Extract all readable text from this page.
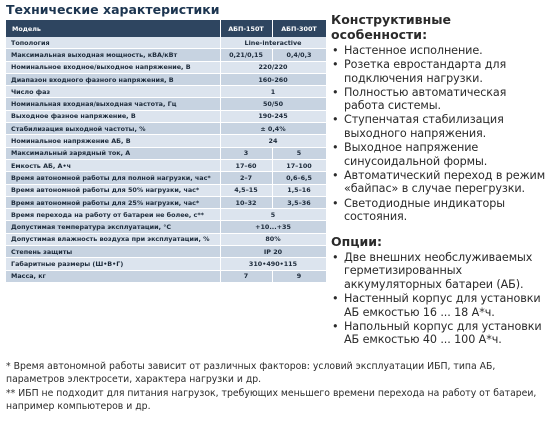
Технические характеристики
Модель	АБП-150Т	АБП-300Т
Топология	Line-interactive	
Максимальная выходная мощность, кВА/кВт	0,21/0,15	0,4/0,3
Номинальное входное/выходное напряжение, В	220/220	
Диапазон входного фазного напряжения, В	160-260	
Число фаз	1	
Номинальная входная/выходная частота, Гц	50/50	
Выходное фазное напряжение, В	190-245	
Стабилизация выходной частоты, %	± 0,4%	
Номинальное напряжение АБ, В	24	
Максимальный зарядный ток, А	3	5
Емкость АБ, А•ч	17–60	17–100
Время автономной работы для полной нагрузки, час*	2–7	0,6–6,5
Время автономной работы для 50% нагрузки, час*	4,5–15	1,5–16
Время автономной работы для 25% нагрузки, час*	10–32	3,5–36
Время перехода на работу от батареи не более, с**	5	
Допустимая температура эксплуатации, °С	+10...+35	
Допустимая влажность воздуха при эксплуатации, %	80%	
Степень защиты	IP 20	
Габаритные размеры (Ш•В•Г)	310•490•115	
Масса, кг	7	9
Конструктивные особенности:
• Настенное исполнение.
• Розетка евростандарта для подключения нагрузки.
• Полностью автоматическая работа системы.
• Ступенчатая стабилизация выходного напряжения.
• Выходное напряжение синусоидальной формы.
• Автоматический переход в режим «байпас» в случае перегрузки.
• Светодиодные индикаторы состояния.
Опции:
• Две внешних необслуживаемых герметизированных аккумуляторных батареи (АБ).
• Настенный корпус для установки АБ емкостью 16 ... 18 А*ч.
• Напольный корпус для установки АБ емкостью 40 ... 100 А*ч.

* Время автономной работы зависит от различных факторов: условий эксплуатации ИБП, типа АБ, параметров электросети, характера нагрузки и др.

** ИБП не подходит для питания нагрузок, требующих меньшего времени перехода на работу от батареи, например компьютеров и др.
